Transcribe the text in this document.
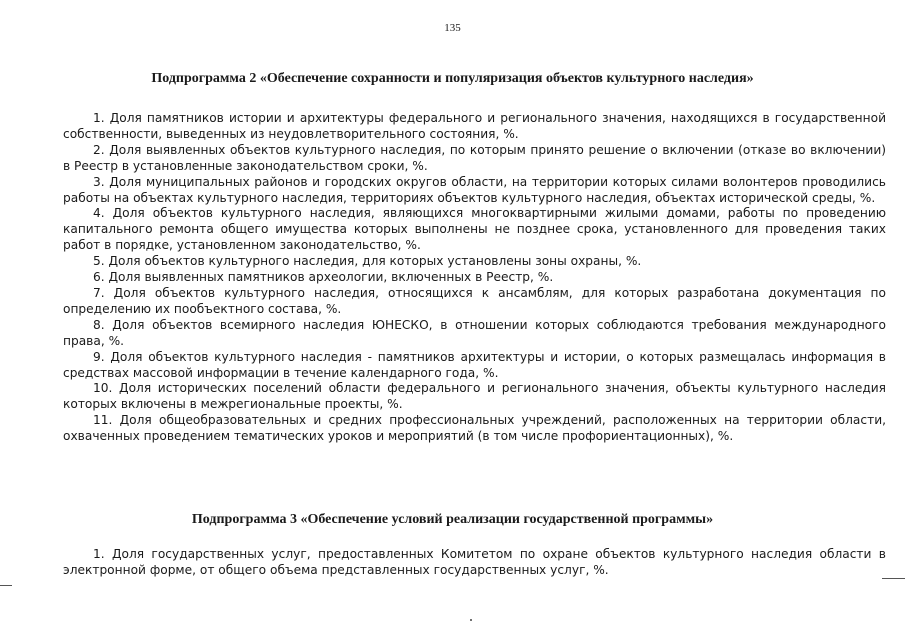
135
Подпрограмма 2 «Обеспечение сохранности и популяризация объектов культурного наследия»

1. Доля памятников истории и архитектуры федерального и регионального значения, находящихся в государственной собственности, выведенных из неудовлетворительного состояния, %.

2. Доля выявленных объектов культурного наследия, по которым принято решение о включении (отказе во включении) в Реестр в установленные законодательством сроки, %.

3. Доля муниципальных районов и городских округов области, на территории которых силами волонтеров проводились работы на объектах культурного наследия, территориях объектов культурного наследия, объектах исторической среды, %.

4. Доля объектов культурного наследия, являющихся многоквартирными жилыми домами, работы по проведению капитального ремонта общего имущества которых выполнены не позднее срока, установленного для проведения таких работ в порядке, установленном законодательство, %.

5. Доля объектов культурного наследия, для которых установлены зоны охраны, %.

6. Доля выявленных памятников археологии, включенных в Реестр, %.

7. Доля объектов культурного наследия, относящихся к ансамблям, для которых разработана документация по определению их пообъектного состава, %.

8. Доля объектов всемирного наследия ЮНЕСКО, в отношении которых соблюдаются требования международного права, %.

9. Доля объектов культурного наследия - памятников архитектуры и истории, о которых размещалась информация в средствах массовой информации в течение календарного года, %.

10. Доля исторических поселений области федерального и регионального значения, объекты культурного наследия которых включены в межрегиональные проекты, %.

11. Доля общеобразовательных и средних профессиональных учреждений, расположенных на территории области, охваченных проведением тематических уроков и мероприятий (в том числе профориентационных), %.

Подпрограмма 3 «Обеспечение условий реализации государственной программы»

1. Доля государственных услуг, предоставленных Комитетом по охране объектов культурного наследия области в электронной форме, от общего объема представленных государственных услуг, %.
